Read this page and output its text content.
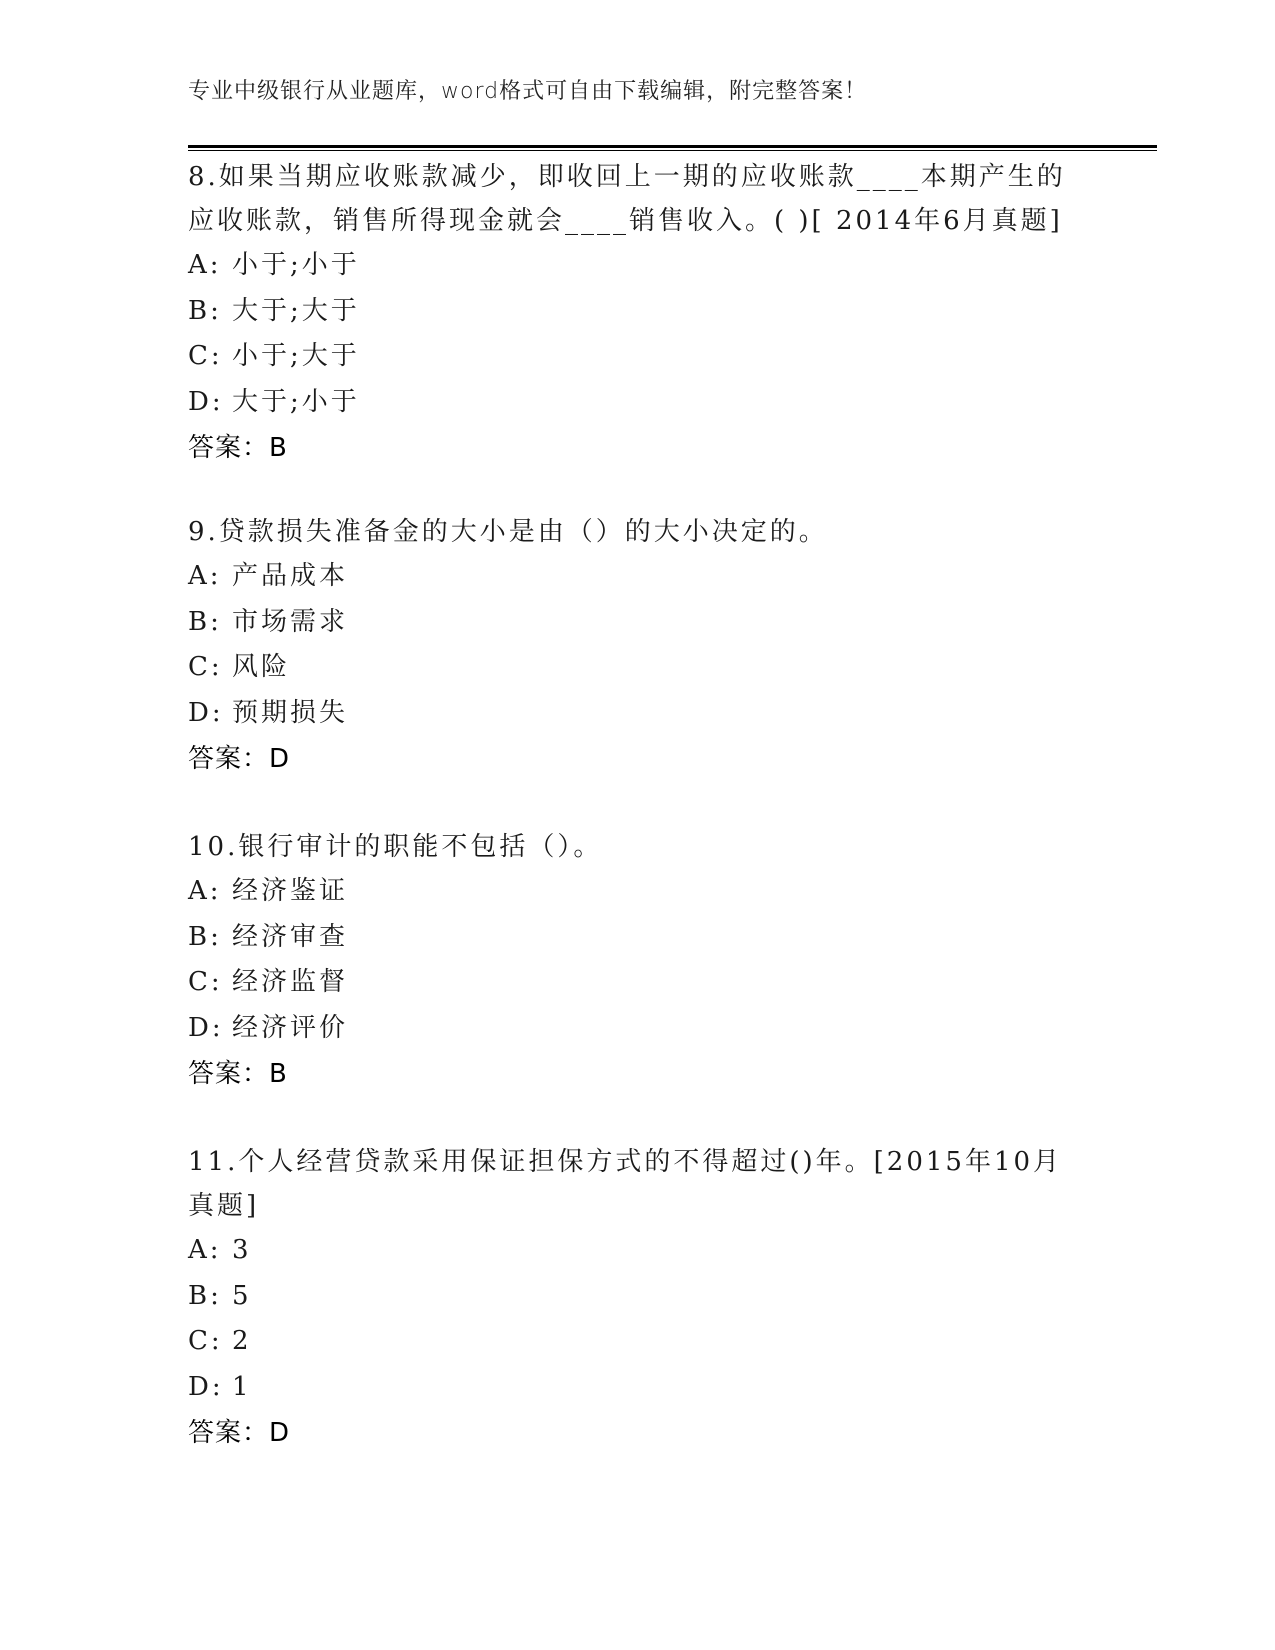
专业中级银行从业题库，word格式可自由下载编辑，附完整答案！

8.如果当期应收账款减少，即收回上一期的应收账款____本期产生的应收账款，销售所得现金就会____销售收入。( )[ 2014年6月真题]

A: 小于;小于

B: 大于;大于

C: 小于;大于

D: 大于;小于

答案：B

9.贷款损失准备金的大小是由（）的大小决定的。

A: 产品成本

B: 市场需求

C: 风险

D: 预期损失

答案：D

10.银行审计的职能不包括（）。

A: 经济鉴证

B: 经济审查

C: 经济监督

D: 经济评价

答案：B

11.个人经营贷款采用保证担保方式的不得超过()年。[2015年10月真题]

A: 3

B: 5

C: 2

D: 1

答案：D
